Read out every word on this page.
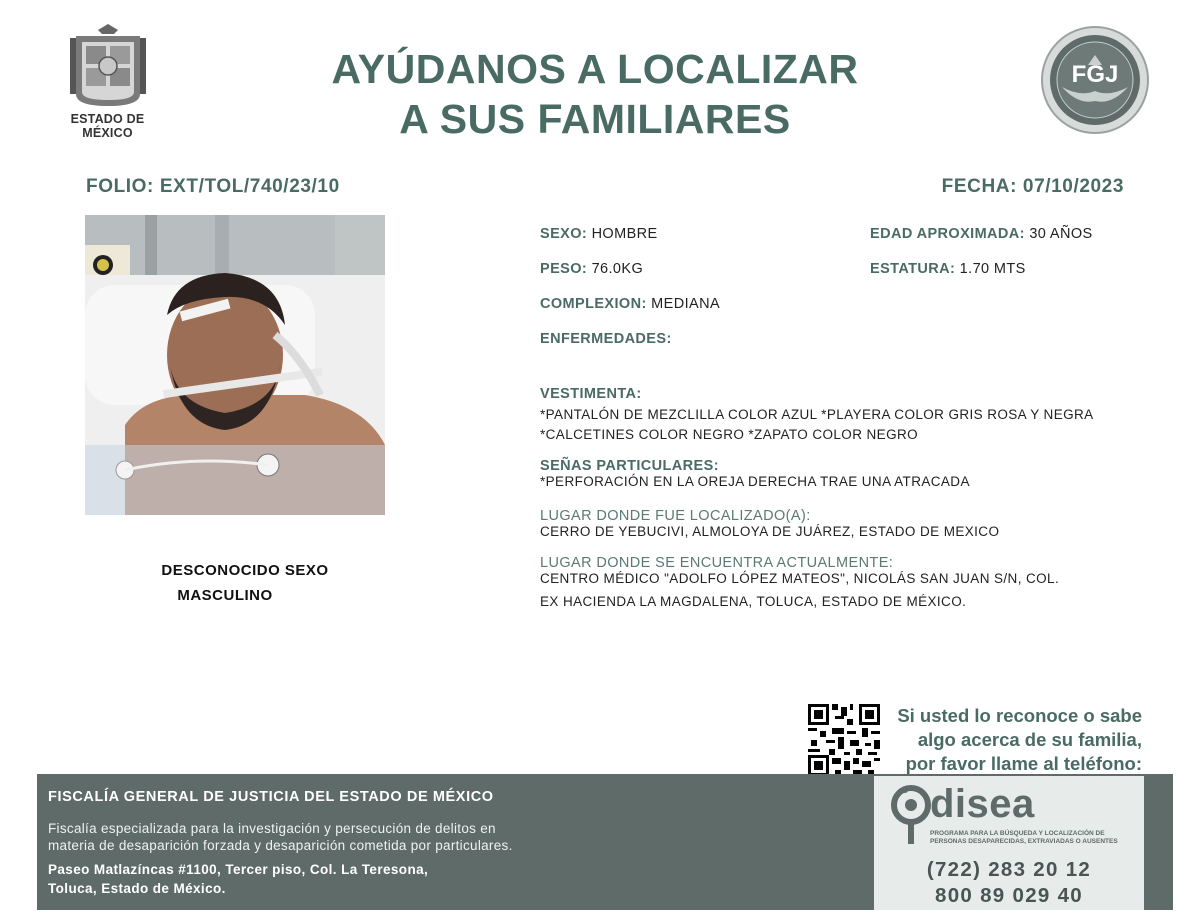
ESTADO DE MÉXICO
AYÚDANOS A LOCALIZAR
A SUS FAMILIARES
FGJ
FOLIO: EXT/TOL/740/23/10	FECHA: 07/10/2023
DESCONOCIDO SEXO
MASCULINO
SEXO: HOMBRE	EDAD APROXIMADA: 30 AÑOS
PESO: 76.0KG	ESTATURA: 1.70 MTS
COMPLEXION: MEDIANA
ENFERMEDADES:
VESTIMENTA:
*PANTALÓN DE MEZCLILLA COLOR AZUL *PLAYERA COLOR GRIS ROSA Y NEGRA
*CALCETINES COLOR NEGRO *ZAPATO COLOR NEGRO
SEÑAS PARTICULARES:
*PERFORACIÓN EN LA OREJA DERECHA TRAE UNA ATRACADA
LUGAR DONDE FUE LOCALIZADO(A):
CERRO DE YEBUCIVI, ALMOLOYA DE JUÁREZ, ESTADO DE MEXICO
LUGAR DONDE SE ENCUENTRA ACTUALMENTE:
CENTRO MÉDICO "ADOLFO LÓPEZ MATEOS", NICOLÁS SAN JUAN S/N, COL.
EX HACIENDA LA MAGDALENA, TOLUCA, ESTADO DE MÉXICO.
Si usted lo reconoce o sabe
algo acerca de su familia,
por favor llame al teléfono:
FISCALÍA GENERAL DE JUSTICIA DEL ESTADO DE MÉXICO
Fiscalía especializada para la investigación y persecución de delitos en
materia de desaparición forzada y desaparición cometida por particulares.
Paseo Matlazíncas #1100, Tercer piso, Col. La Teresona,
Toluca, Estado de México.
disea
PROGRAMA PARA LA BÚSQUEDA Y LOCALIZACIÓN DE PERSONAS DESAPARECIDAS, EXTRAVIADAS O AUSENTES
(722) 283 20 12
800 89 029 40
